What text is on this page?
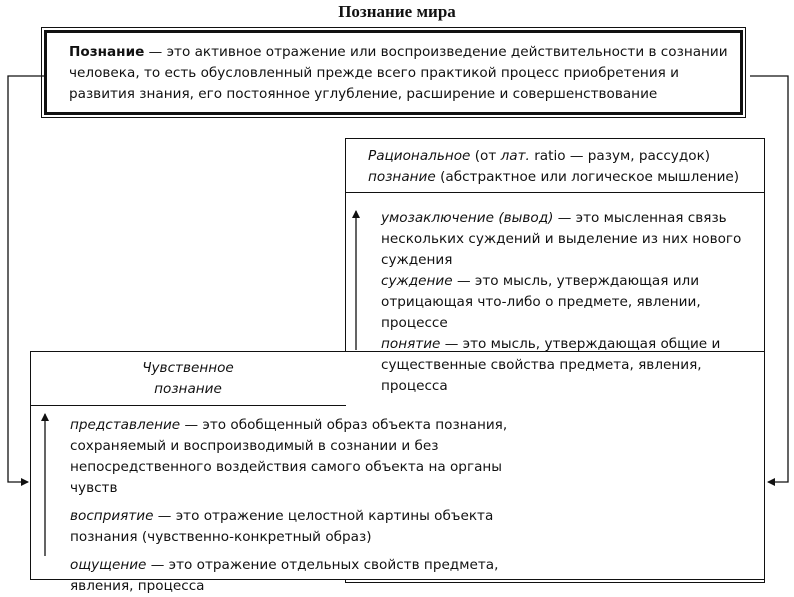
Познание мира
Познание — это активное отражение или воспроизведение действительности в сознании человека, то есть обусловленный прежде всего практикой процесс приобретения и развития знания, его постоянное углубление, расширение и совершенствование
Рациональное (от лат. ratio — разум, рассудок)
познание (абстрактное или логическое мышление)
Чувственное
познание

умозаключение (вывод) — это мысленная связь нескольких суждений и выделение из них нового суждения

суждение — это мысль, утверждающая или отрицающая что-либо о предмете, явлении, процессе

понятие — это мысль, утверждающая общие и существенные свойства предмета, явления, процесса

представление — это обобщенный образ объекта познания, сохраняемый и воспроизводимый в сознании и без непосредственного воздействия самого объекта на органы чувств

восприятие — это отражение целостной картины объекта познания (чувственно-конкретный образ)

ощущение — это отражение отдельных свойств предмета, явления, процесса
